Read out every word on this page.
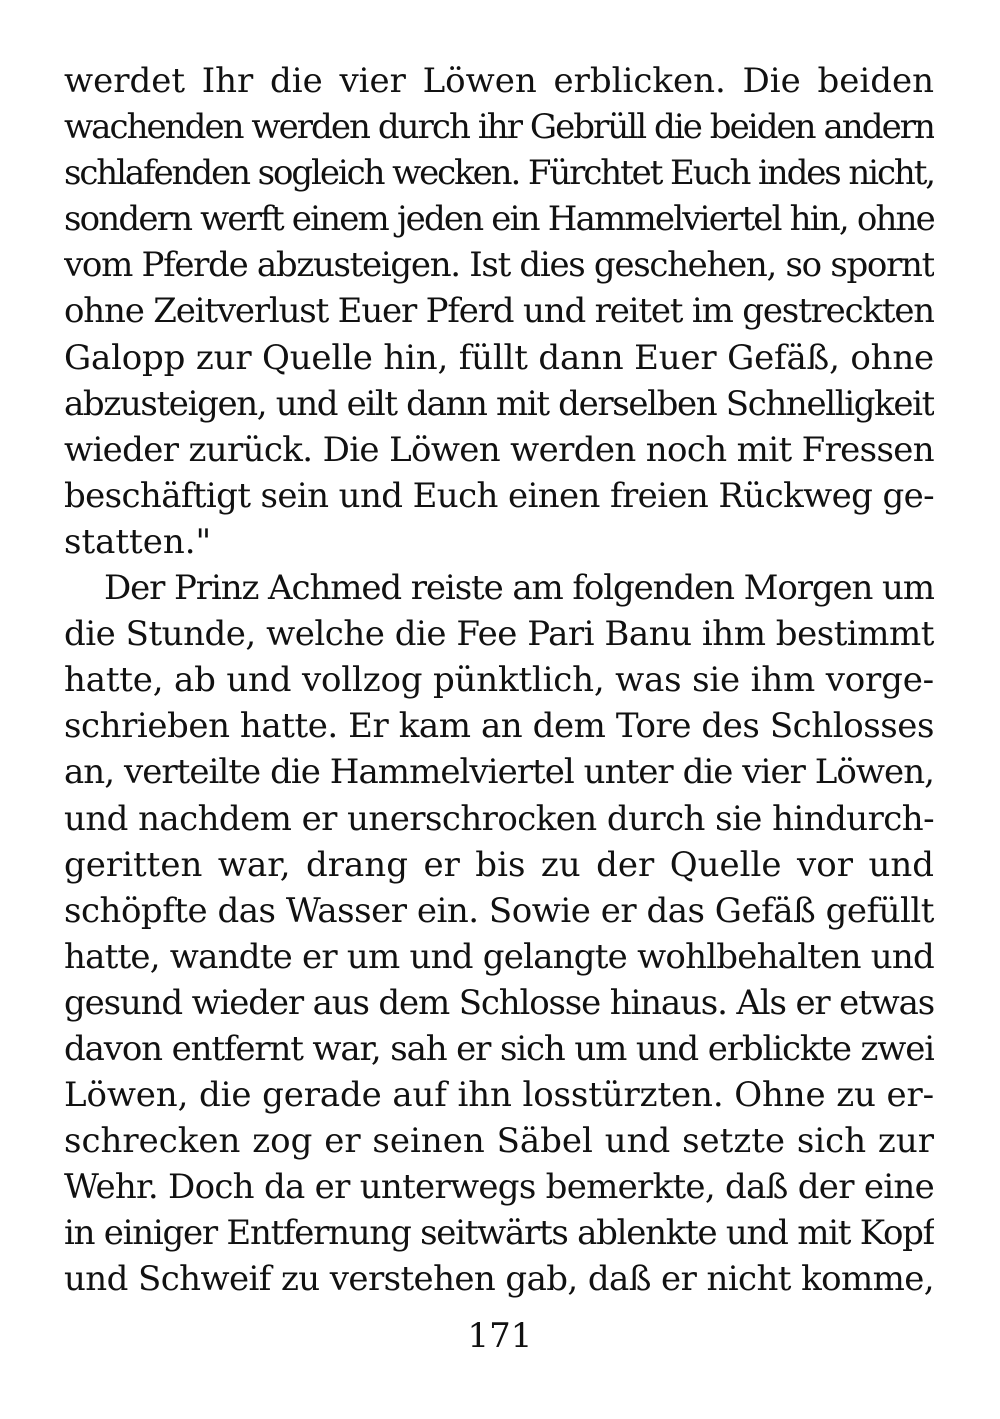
werdet Ihr die vier Löwen erblicken. Die beiden
wachenden werden durch ihr Gebrüll die beiden andern
schlafenden sogleich wecken. Fürchtet Euch indes nicht,
sondern werft einem jeden ein Hammelviertel hin, ohne
vom Pferde abzusteigen. Ist dies geschehen, so spornt
ohne Zeitverlust Euer Pferd und reitet im gestreckten
Galopp zur Quelle hin, füllt dann Euer Gefäß, ohne
abzusteigen, und eilt dann mit derselben Schnelligkeit
wieder zurück. Die Löwen werden noch mit Fressen
beschäftigt sein und Euch einen freien Rückweg ge-
statten."
Der Prinz Achmed reiste am folgenden Morgen um
die Stunde, welche die Fee Pari Banu ihm bestimmt
hatte, ab und vollzog pünktlich, was sie ihm vorge-
schrieben hatte. Er kam an dem Tore des Schlosses
an, verteilte die Hammelviertel unter die vier Löwen,
und nachdem er unerschrocken durch sie hindurch-
geritten war, drang er bis zu der Quelle vor und
schöpfte das Wasser ein. Sowie er das Gefäß gefüllt
hatte, wandte er um und gelangte wohlbehalten und
gesund wieder aus dem Schlosse hinaus. Als er etwas
davon entfernt war, sah er sich um und erblickte zwei
Löwen, die gerade auf ihn losstürzten. Ohne zu er-
schrecken zog er seinen Säbel und setzte sich zur
Wehr. Doch da er unterwegs bemerkte, daß der eine
in einiger Entfernung seitwärts ablenkte und mit Kopf
und Schweif zu verstehen gab, daß er nicht komme,
171
